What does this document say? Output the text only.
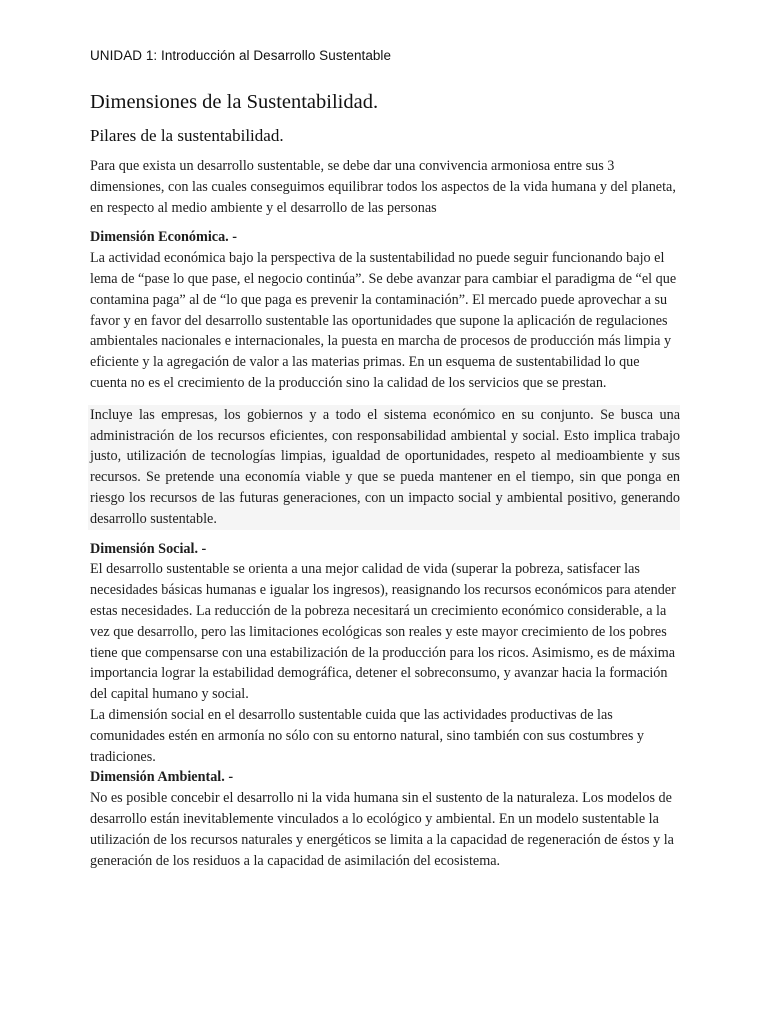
UNIDAD 1: Introducción al Desarrollo Sustentable

Dimensiones de la Sustentabilidad.
Pilares de la sustentabilidad.

Para que exista un desarrollo sustentable, se debe dar una convivencia armoniosa entre sus 3 dimensiones, con las cuales conseguimos equilibrar todos los aspectos de la vida humana y del planeta, en respecto al medio ambiente y el desarrollo de las personas

Dimensión Económica. -

La actividad económica bajo la perspectiva de la sustentabilidad no puede seguir funcionando bajo el lema de “pase lo que pase, el negocio continúa”. Se debe avanzar para cambiar el paradigma de “el que contamina paga” al de “lo que paga es prevenir la contaminación”. El mercado puede aprovechar a su favor y en favor del desarrollo sustentable las oportunidades que supone la aplicación de regulaciones ambientales nacionales e internacionales, la puesta en marcha de procesos de producción más limpia y eficiente y la agregación de valor a las materias primas. En un esquema de sustentabilidad lo que cuenta no es el crecimiento de la producción sino la calidad de los servicios que se prestan.

Incluye las empresas, los gobiernos y a todo el sistema económico en su conjunto. Se busca una administración de los recursos eficientes, con responsabilidad ambiental y social. Esto implica trabajo justo, utilización de tecnologías limpias, igualdad de oportunidades, respeto al medioambiente y sus recursos. Se pretende una economía viable y que se pueda mantener en el tiempo, sin que ponga en riesgo los recursos de las futuras generaciones, con un impacto social y ambiental positivo, generando desarrollo sustentable.

Dimensión Social. -

El desarrollo sustentable se orienta a una mejor calidad de vida (superar la pobreza, satisfacer las necesidades básicas humanas e igualar los ingresos), reasignando los recursos económicos para atender estas necesidades. La reducción de la pobreza necesitará un crecimiento económico considerable, a la vez que desarrollo, pero las limitaciones ecológicas son reales y este mayor crecimiento de los pobres tiene que compensarse con una estabilización de la producción para los ricos. Asimismo, es de máxima importancia lograr la estabilidad demográfica, detener el sobreconsumo, y avanzar hacia la formación del capital humano y social.

La dimensión social en el desarrollo sustentable cuida que las actividades productivas de las comunidades estén en armonía no sólo con su entorno natural, sino también con sus costumbres y tradiciones.

Dimensión Ambiental. -

No es posible concebir el desarrollo ni la vida humana sin el sustento de la naturaleza. Los modelos de desarrollo están inevitablemente vinculados a lo ecológico y ambiental. En un modelo sustentable la utilización de los recursos naturales y energéticos se limita a la capacidad de regeneración de éstos y la generación de los residuos a la capacidad de asimilación del ecosistema.
